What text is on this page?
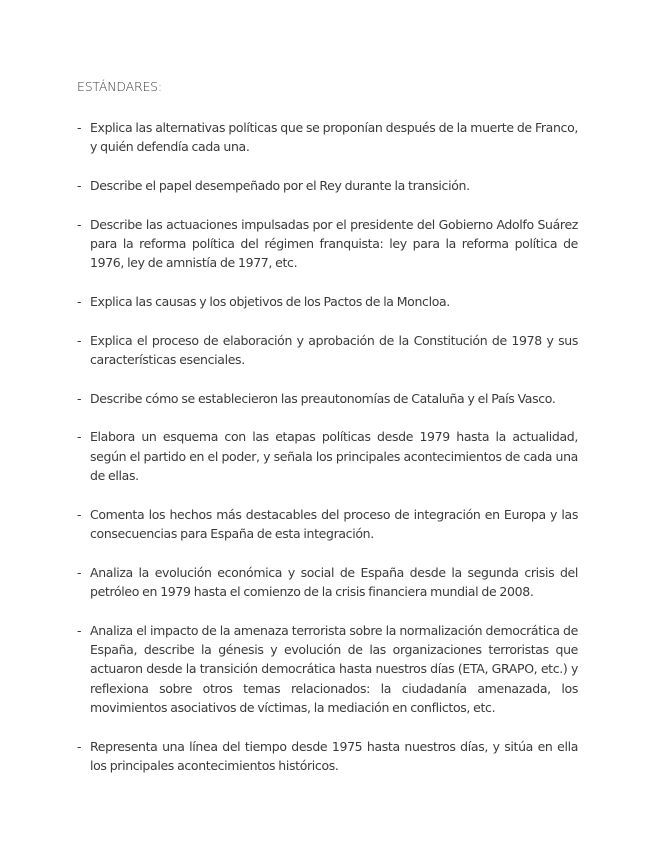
ESTÁNDARES:
- Explica las alternativas políticas que se proponían después de la muerte de Franco, y quién defendía cada una.
- Describe el papel desempeñado por el Rey durante la transición.
- Describe las actuaciones impulsadas por el presidente del Gobierno Adolfo Suárez para la reforma política del régimen franquista: ley para la reforma política de 1976, ley de amnistía de 1977, etc.
- Explica las causas y los objetivos de los Pactos de la Moncloa.
- Explica el proceso de elaboración y aprobación de la Constitución de 1978 y sus características esenciales.
- Describe cómo se establecieron las preautonomías de Cataluña y el País Vasco.
- Elabora un esquema con las etapas políticas desde 1979 hasta la actualidad, según el partido en el poder, y señala los principales acontecimientos de cada una de ellas.
- Comenta los hechos más destacables del proceso de integración en Europa y las consecuencias para España de esta integración.
- Analiza la evolución económica y social de España desde la segunda crisis del petróleo en 1979 hasta el comienzo de la crisis financiera mundial de 2008.
- Analiza el impacto de la amenaza terrorista sobre la normalización democrática de España, describe la génesis y evolución de las organizaciones terroristas que actuaron desde la transición democrática hasta nuestros días (ETA, GRAPO, etc.) y reflexiona sobre otros temas relacionados: la ciudadanía amenazada, los movimientos asociativos de víctimas, la mediación en conflictos, etc.
- Representa una línea del tiempo desde 1975 hasta nuestros días, y sitúa en ella los principales acontecimientos históricos.
